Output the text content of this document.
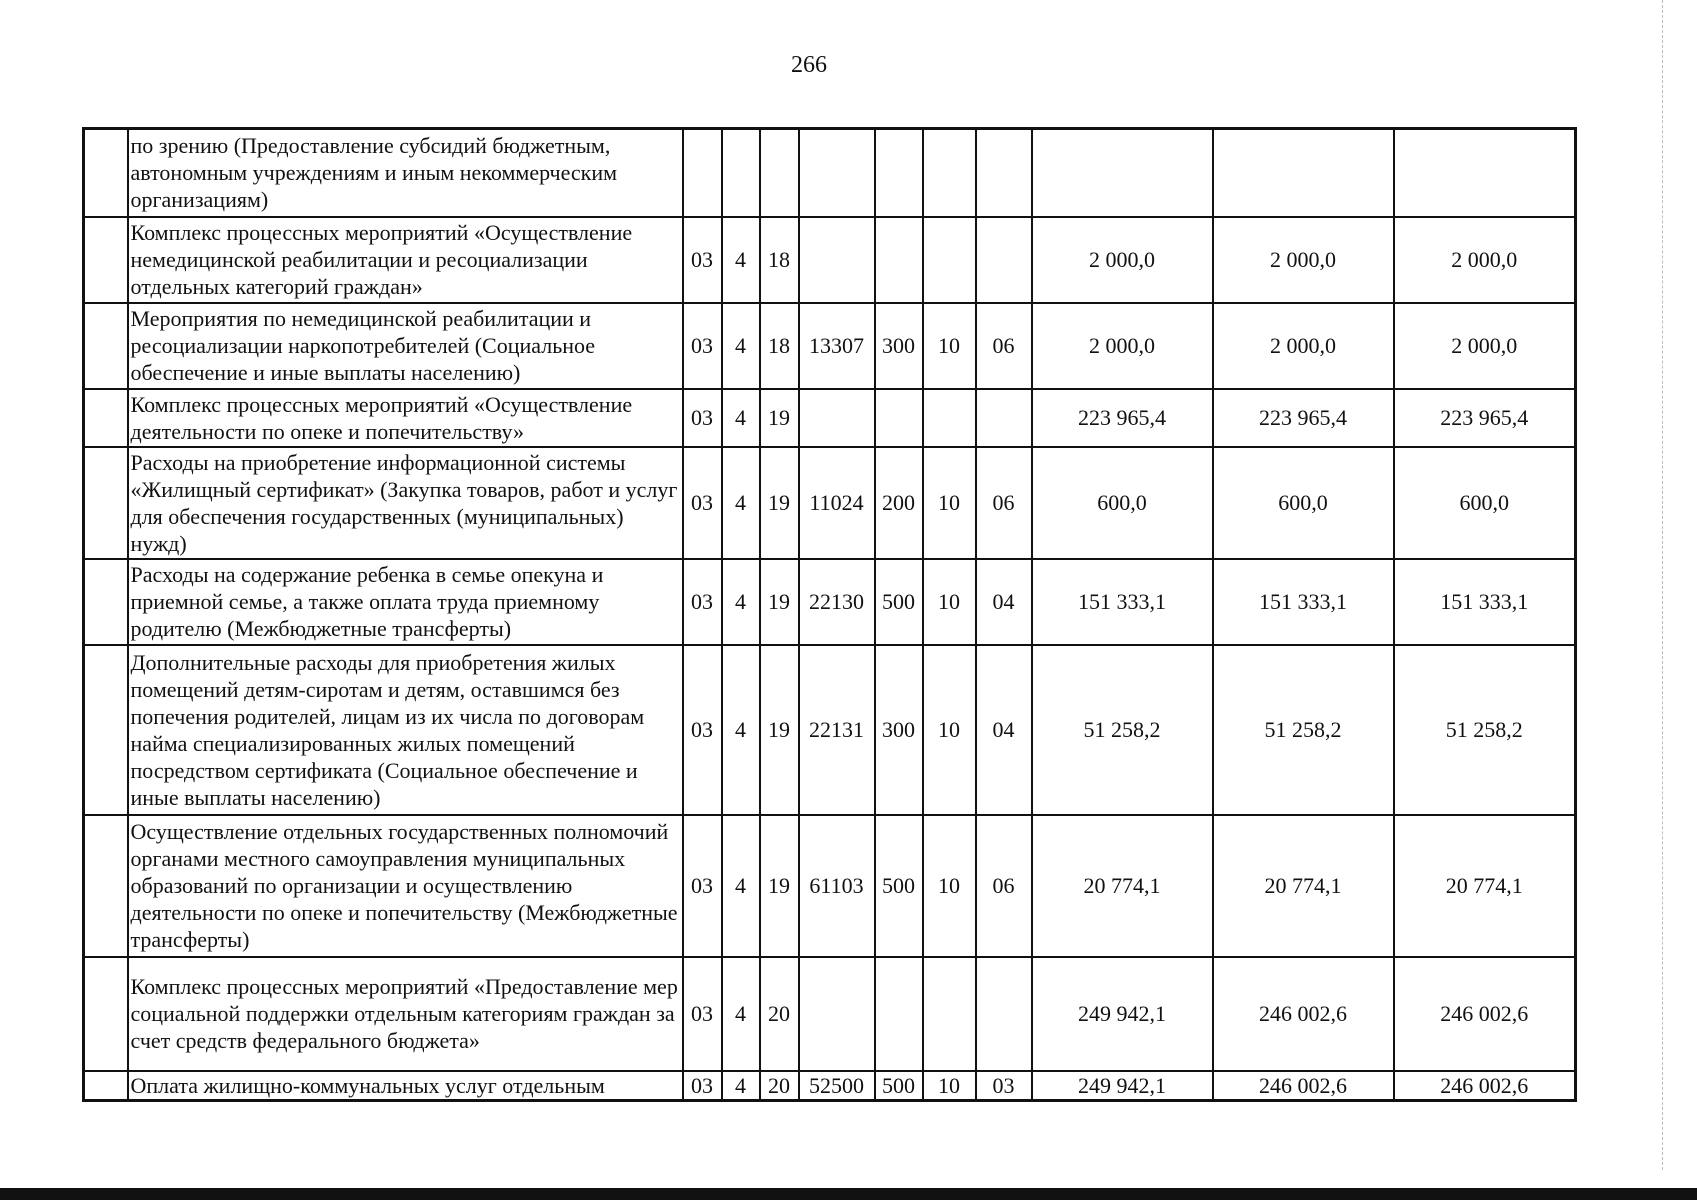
266
	по зрению (Предоставление субсидий бюджетным, автономным учреждениям и иным некоммерческим организациям)										
	Комплекс процессных мероприятий «Осуществление немедицинской реабилитации и ресоциализации отдельных категорий граждан»	03	4	18					2 000,0	2 000,0	2 000,0
	Мероприятия по немедицинской реабилитации и ресоциализации наркопотребителей (Социальное обеспечение и иные выплаты населению)	03	4	18	13307	300	10	06	2 000,0	2 000,0	2 000,0
	Комплекс процессных мероприятий «Осуществление деятельности по опеке и попечительству»	03	4	19					223 965,4	223 965,4	223 965,4
	Расходы на приобретение информационной системы «Жилищный сертификат» (Закупка товаров, работ и услуг для обеспечения государственных (муниципальных) нужд)	03	4	19	11024	200	10	06	600,0	600,0	600,0
	Расходы на содержание ребенка в семье опекуна и приемной семье, а также оплата труда приемному родителю (Межбюджетные трансферты)	03	4	19	22130	500	10	04	151 333,1	151 333,1	151 333,1
	Дополнительные расходы для приобретения жилых помещений детям-сиротам и детям, оставшимся без попечения родителей, лицам из их числа по договорам найма специализированных жилых помещений посредством сертификата (Социальное обеспечение и иные выплаты населению)	03	4	19	22131	300	10	04	51 258,2	51 258,2	51 258,2
	Осуществление отдельных государственных полномочий органами местного самоуправления муниципальных образований по организации и осуществлению деятельности по опеке и попечительству (Межбюджетные трансферты)	03	4	19	61103	500	10	06	20 774,1	20 774,1	20 774,1
	Комплекс процессных мероприятий «Предоставление мер социальной поддержки отдельным категориям граждан за счет средств федерального бюджета»	03	4	20					249 942,1	246 002,6	246 002,6
	Оплата жилищно-коммунальных услуг отдельным	03	4	20	52500	500	10	03	249 942,1	246 002,6	246 002,6
